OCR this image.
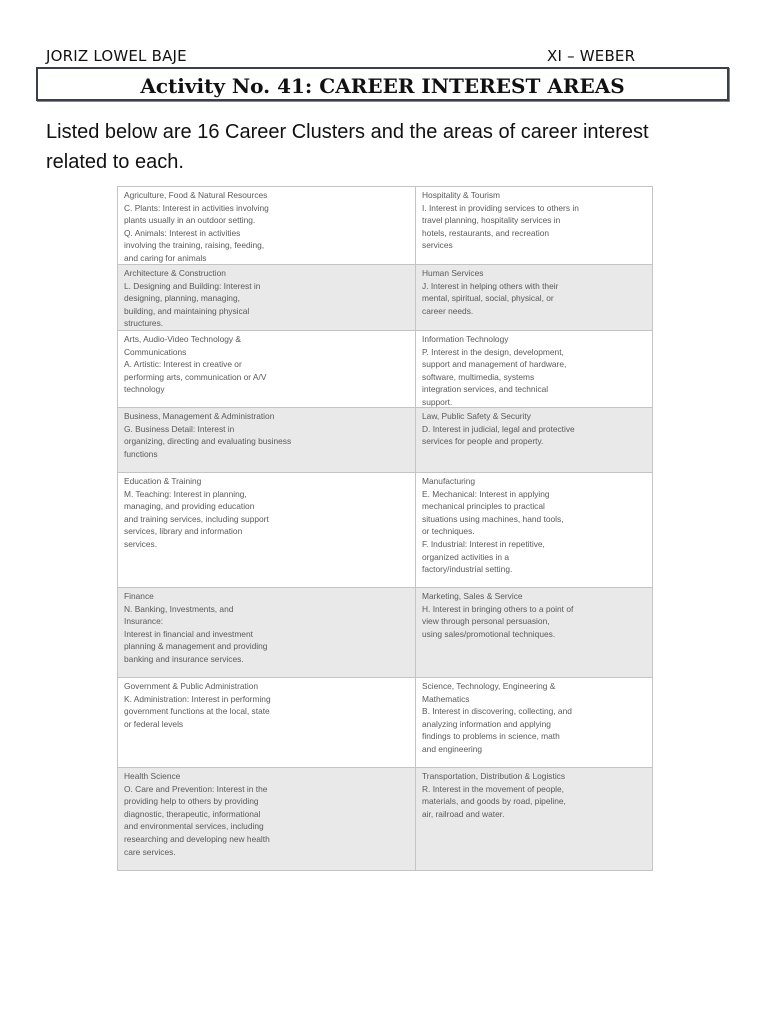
JORIZ LOWEL BAJE	XI – WEBER
Activity No. 41: CAREER INTEREST AREAS
Listed below are 16 Career Clusters and the areas of career interest related to each.
Agriculture, Food & Natural Resources
C. Plants: Interest in activities involving
plants usually in an outdoor setting.
Q. Animals: Interest in activities
involving the training, raising, feeding,
and caring for animals
Hospitality & Tourism
I. Interest in providing services to others in
travel planning, hospitality services in
hotels, restaurants, and recreation
services
Architecture & Construction
L. Designing and Building: Interest in
designing, planning, managing,
building, and maintaining physical
structures.
Human Services
J. Interest in helping others with their
mental, spiritual, social, physical, or
career needs.
Arts, Audio-Video Technology &
Communications
A. Artistic: Interest in creative or
performing arts, communication or A/V
technology
Information Technology
P. Interest in the design, development,
support and management of hardware,
software, multimedia, systems
integration services, and technical
support.
Business, Management & Administration
G. Business Detail: Interest in
organizing, directing and evaluating business
functions
Law, Public Safety & Security
D. Interest in judicial, legal and protective
services for people and property.
Education & Training
M. Teaching: Interest in planning,
managing, and providing education
and training services, including support
services, library and information
services.
Manufacturing
E. Mechanical: Interest in applying
mechanical principles to practical
situations using machines, hand tools,
or techniques.
F. Industrial: Interest in repetitive,
organized activities in a
factory/industrial setting.
Finance
N. Banking, Investments, and
Insurance:
Interest in financial and investment
planning & management and providing
banking and insurance services.
Marketing, Sales & Service
H. Interest in bringing others to a point of
view through personal persuasion,
using sales/promotional techniques.
Government & Public Administration
K. Administration: Interest in performing
government functions at the local, state
or federal levels
Science, Technology, Engineering &
Mathematics
B. Interest in discovering, collecting, and
analyzing information and applying
findings to problems in science, math
and engineering
Health Science
O. Care and Prevention: Interest in the
providing help to others by providing
diagnostic, therapeutic, informational
and environmental services, including
researching and developing new health
care services.
Transportation, Distribution & Logistics
R. Interest in the movement of people,
materials, and goods by road, pipeline,
air, railroad and water.
